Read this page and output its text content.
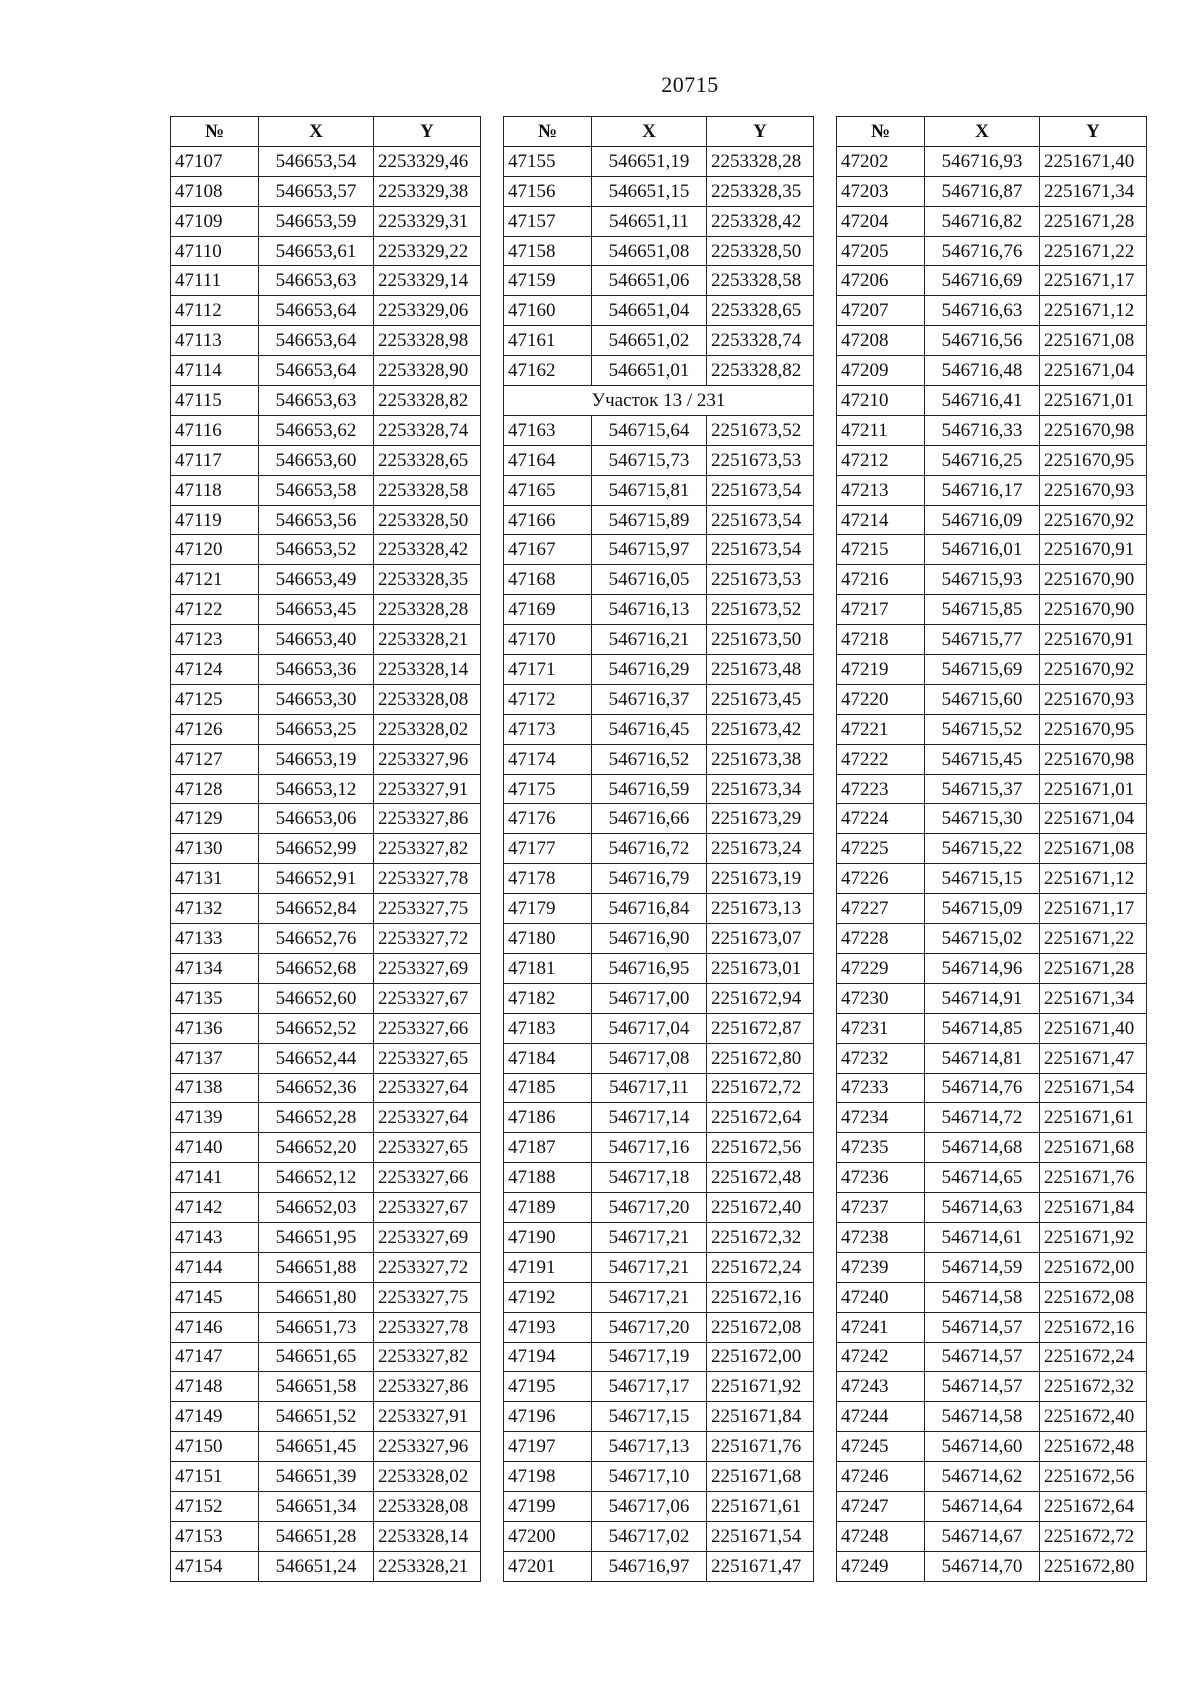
20715
№	X	Y
47107	546653,54	2253329,46
47108	546653,57	2253329,38
47109	546653,59	2253329,31
47110	546653,61	2253329,22
47111	546653,63	2253329,14
47112	546653,64	2253329,06
47113	546653,64	2253328,98
47114	546653,64	2253328,90
47115	546653,63	2253328,82
47116	546653,62	2253328,74
47117	546653,60	2253328,65
47118	546653,58	2253328,58
47119	546653,56	2253328,50
47120	546653,52	2253328,42
47121	546653,49	2253328,35
47122	546653,45	2253328,28
47123	546653,40	2253328,21
47124	546653,36	2253328,14
47125	546653,30	2253328,08
47126	546653,25	2253328,02
47127	546653,19	2253327,96
47128	546653,12	2253327,91
47129	546653,06	2253327,86
47130	546652,99	2253327,82
47131	546652,91	2253327,78
47132	546652,84	2253327,75
47133	546652,76	2253327,72
47134	546652,68	2253327,69
47135	546652,60	2253327,67
47136	546652,52	2253327,66
47137	546652,44	2253327,65
47138	546652,36	2253327,64
47139	546652,28	2253327,64
47140	546652,20	2253327,65
47141	546652,12	2253327,66
47142	546652,03	2253327,67
47143	546651,95	2253327,69
47144	546651,88	2253327,72
47145	546651,80	2253327,75
47146	546651,73	2253327,78
47147	546651,65	2253327,82
47148	546651,58	2253327,86
47149	546651,52	2253327,91
47150	546651,45	2253327,96
47151	546651,39	2253328,02
47152	546651,34	2253328,08
47153	546651,28	2253328,14
47154	546651,24	2253328,21
№	X	Y
47155	546651,19	2253328,28
47156	546651,15	2253328,35
47157	546651,11	2253328,42
47158	546651,08	2253328,50
47159	546651,06	2253328,58
47160	546651,04	2253328,65
47161	546651,02	2253328,74
47162	546651,01	2253328,82
Участок 13 / 231		
47163	546715,64	2251673,52
47164	546715,73	2251673,53
47165	546715,81	2251673,54
47166	546715,89	2251673,54
47167	546715,97	2251673,54
47168	546716,05	2251673,53
47169	546716,13	2251673,52
47170	546716,21	2251673,50
47171	546716,29	2251673,48
47172	546716,37	2251673,45
47173	546716,45	2251673,42
47174	546716,52	2251673,38
47175	546716,59	2251673,34
47176	546716,66	2251673,29
47177	546716,72	2251673,24
47178	546716,79	2251673,19
47179	546716,84	2251673,13
47180	546716,90	2251673,07
47181	546716,95	2251673,01
47182	546717,00	2251672,94
47183	546717,04	2251672,87
47184	546717,08	2251672,80
47185	546717,11	2251672,72
47186	546717,14	2251672,64
47187	546717,16	2251672,56
47188	546717,18	2251672,48
47189	546717,20	2251672,40
47190	546717,21	2251672,32
47191	546717,21	2251672,24
47192	546717,21	2251672,16
47193	546717,20	2251672,08
47194	546717,19	2251672,00
47195	546717,17	2251671,92
47196	546717,15	2251671,84
47197	546717,13	2251671,76
47198	546717,10	2251671,68
47199	546717,06	2251671,61
47200	546717,02	2251671,54
47201	546716,97	2251671,47
№	X	Y
47202	546716,93	2251671,40
47203	546716,87	2251671,34
47204	546716,82	2251671,28
47205	546716,76	2251671,22
47206	546716,69	2251671,17
47207	546716,63	2251671,12
47208	546716,56	2251671,08
47209	546716,48	2251671,04
47210	546716,41	2251671,01
47211	546716,33	2251670,98
47212	546716,25	2251670,95
47213	546716,17	2251670,93
47214	546716,09	2251670,92
47215	546716,01	2251670,91
47216	546715,93	2251670,90
47217	546715,85	2251670,90
47218	546715,77	2251670,91
47219	546715,69	2251670,92
47220	546715,60	2251670,93
47221	546715,52	2251670,95
47222	546715,45	2251670,98
47223	546715,37	2251671,01
47224	546715,30	2251671,04
47225	546715,22	2251671,08
47226	546715,15	2251671,12
47227	546715,09	2251671,17
47228	546715,02	2251671,22
47229	546714,96	2251671,28
47230	546714,91	2251671,34
47231	546714,85	2251671,40
47232	546714,81	2251671,47
47233	546714,76	2251671,54
47234	546714,72	2251671,61
47235	546714,68	2251671,68
47236	546714,65	2251671,76
47237	546714,63	2251671,84
47238	546714,61	2251671,92
47239	546714,59	2251672,00
47240	546714,58	2251672,08
47241	546714,57	2251672,16
47242	546714,57	2251672,24
47243	546714,57	2251672,32
47244	546714,58	2251672,40
47245	546714,60	2251672,48
47246	546714,62	2251672,56
47247	546714,64	2251672,64
47248	546714,67	2251672,72
47249	546714,70	2251672,80
